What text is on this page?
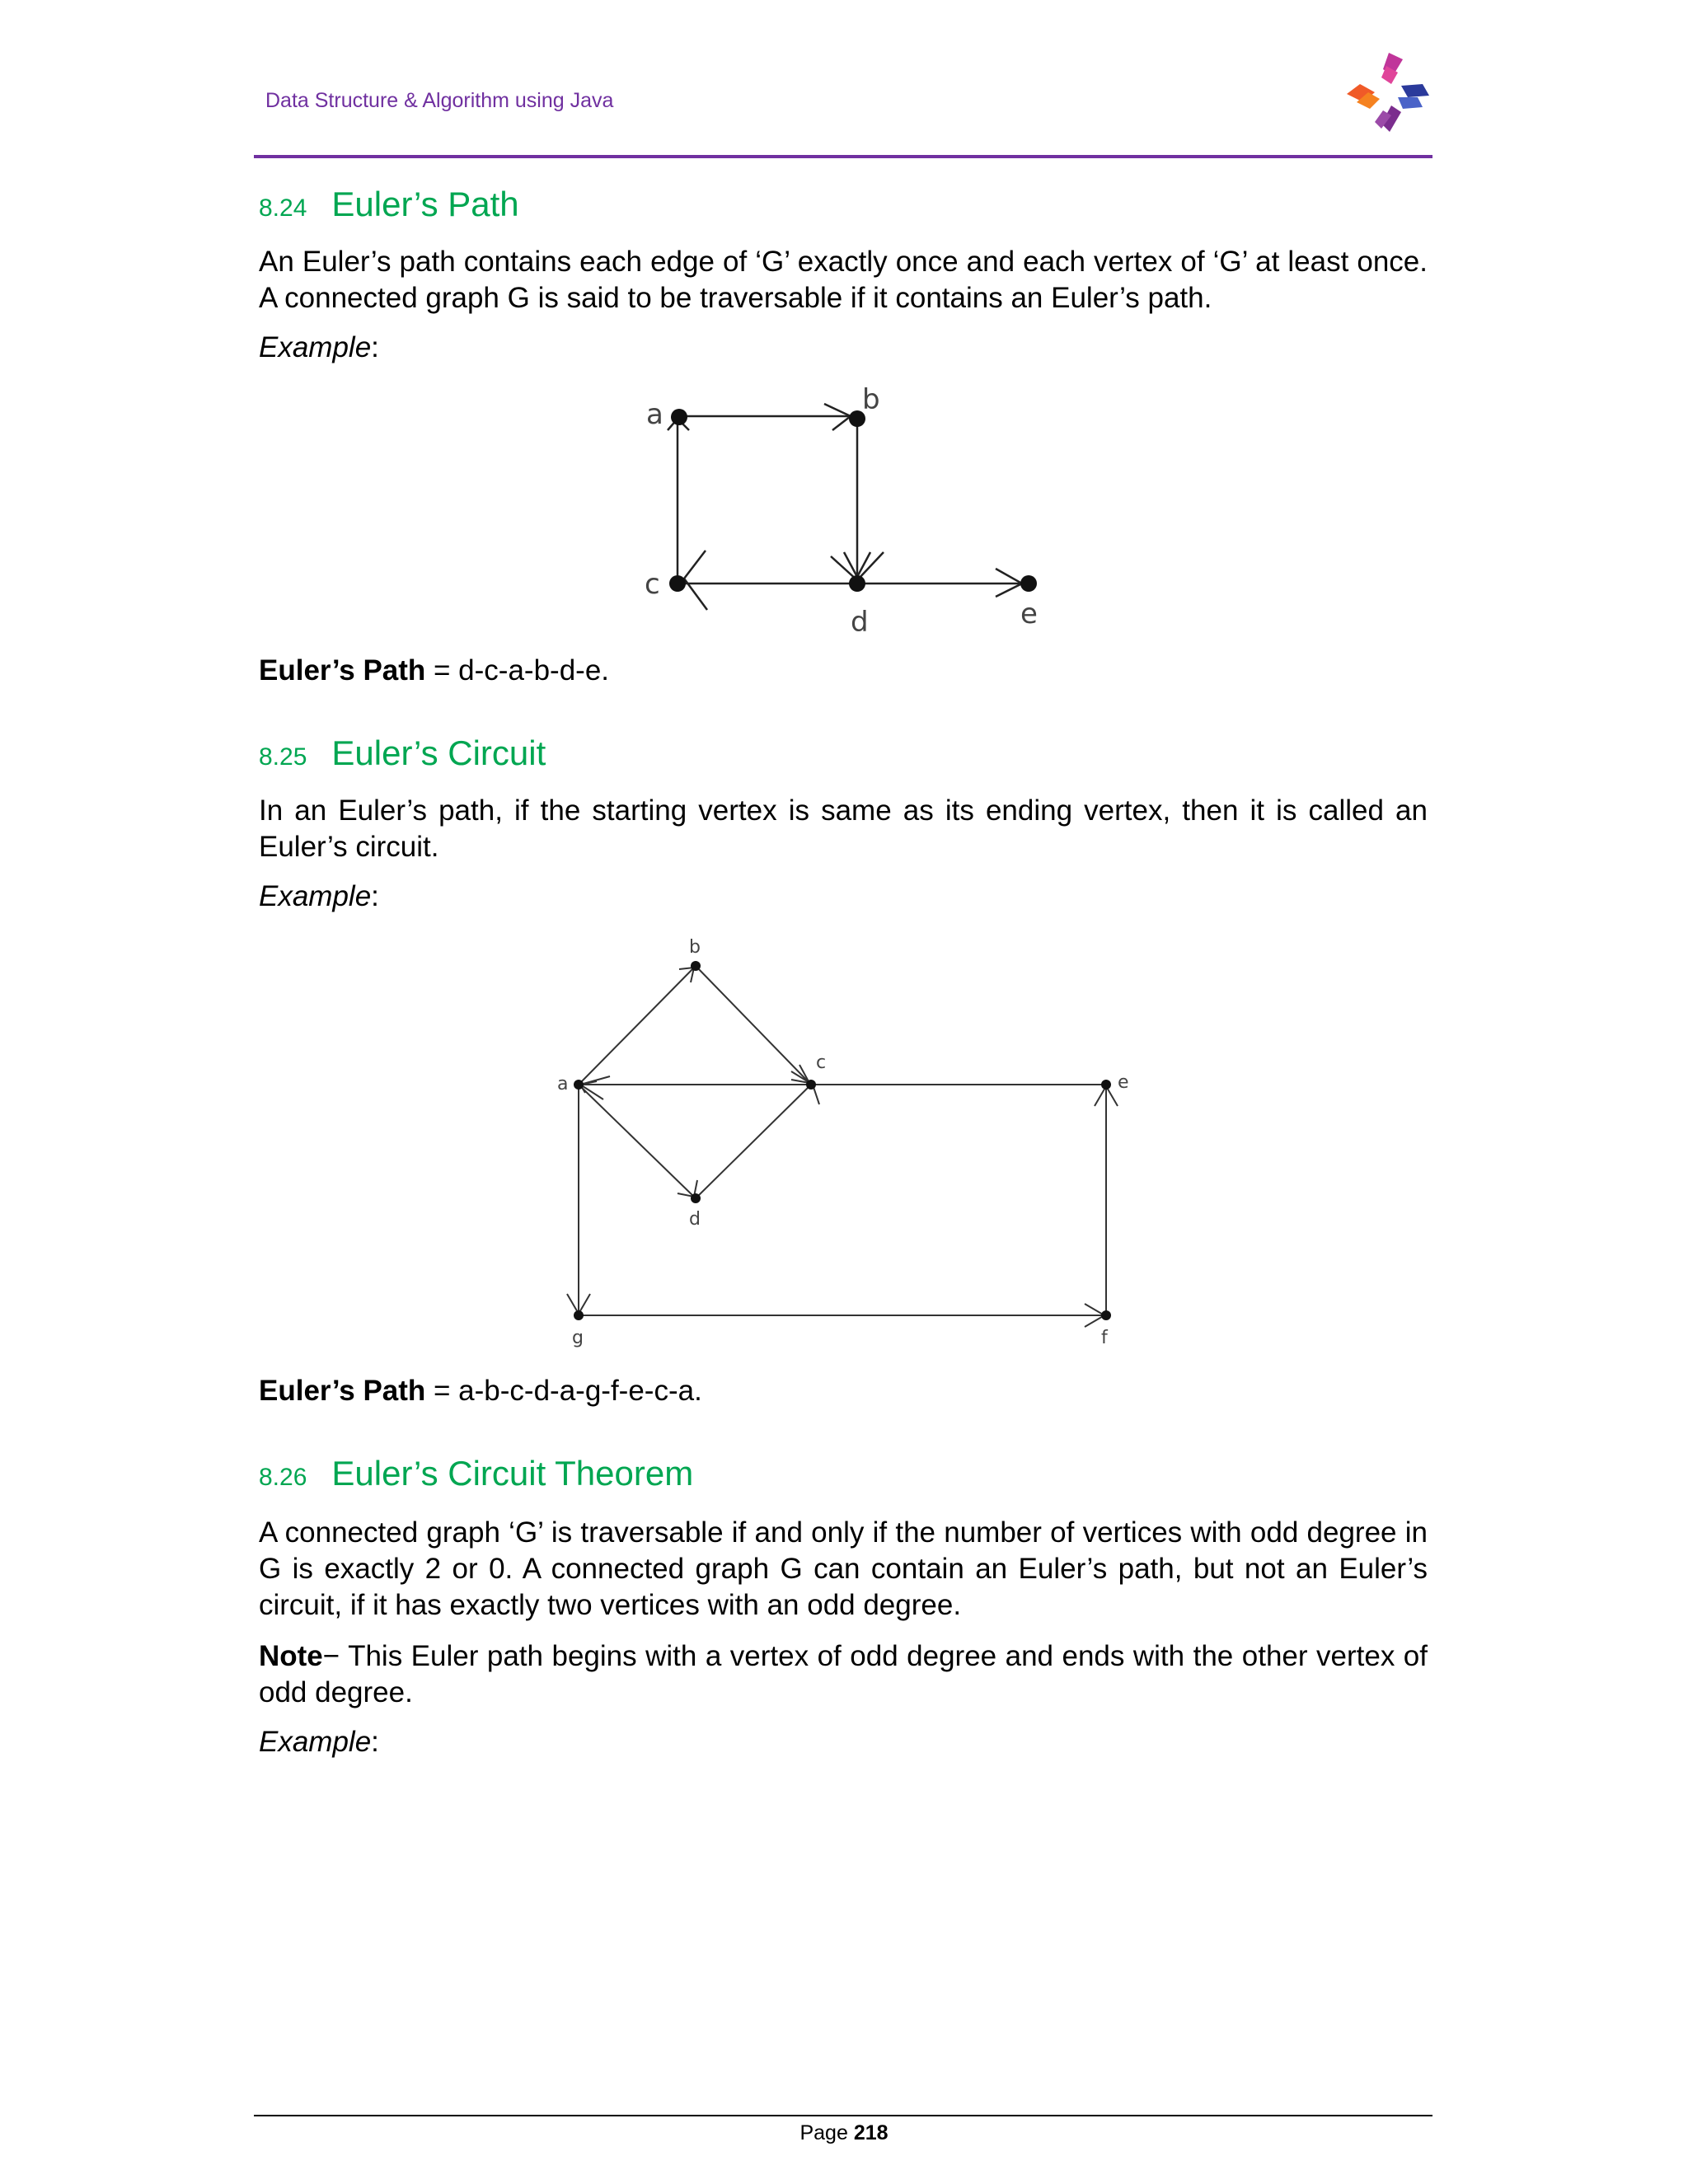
Data Structure & Algorithm using Java
8.24 Euler’s Path
An Euler’s path contains each edge of ‘G’ exactly once and each vertex of ‘G’ at least once. A connected graph G is said to be traversable if it contains an Euler’s path.
Example:
a	b
c
d	e
Euler’s Path = d-c-a-b-d-e.
8.25 Euler’s Circuit
In an Euler’s path, if the starting vertex is same as its ending vertex, then it is called an Euler’s circuit.
Example:
a
b
c
d
e
f
g
Euler’s Path = a-b-c-d-a-g-f-e-c-a.
8.26 Euler’s Circuit Theorem
A connected graph ‘G’ is traversable if and only if the number of vertices with odd degree in G is exactly 2 or 0. A connected graph G can contain an Euler’s path, but not an Euler’s circuit, if it has exactly two vertices with an odd degree.
Note− This Euler path begins with a vertex of odd degree and ends with the other vertex of odd degree.
Example:
Page 218
